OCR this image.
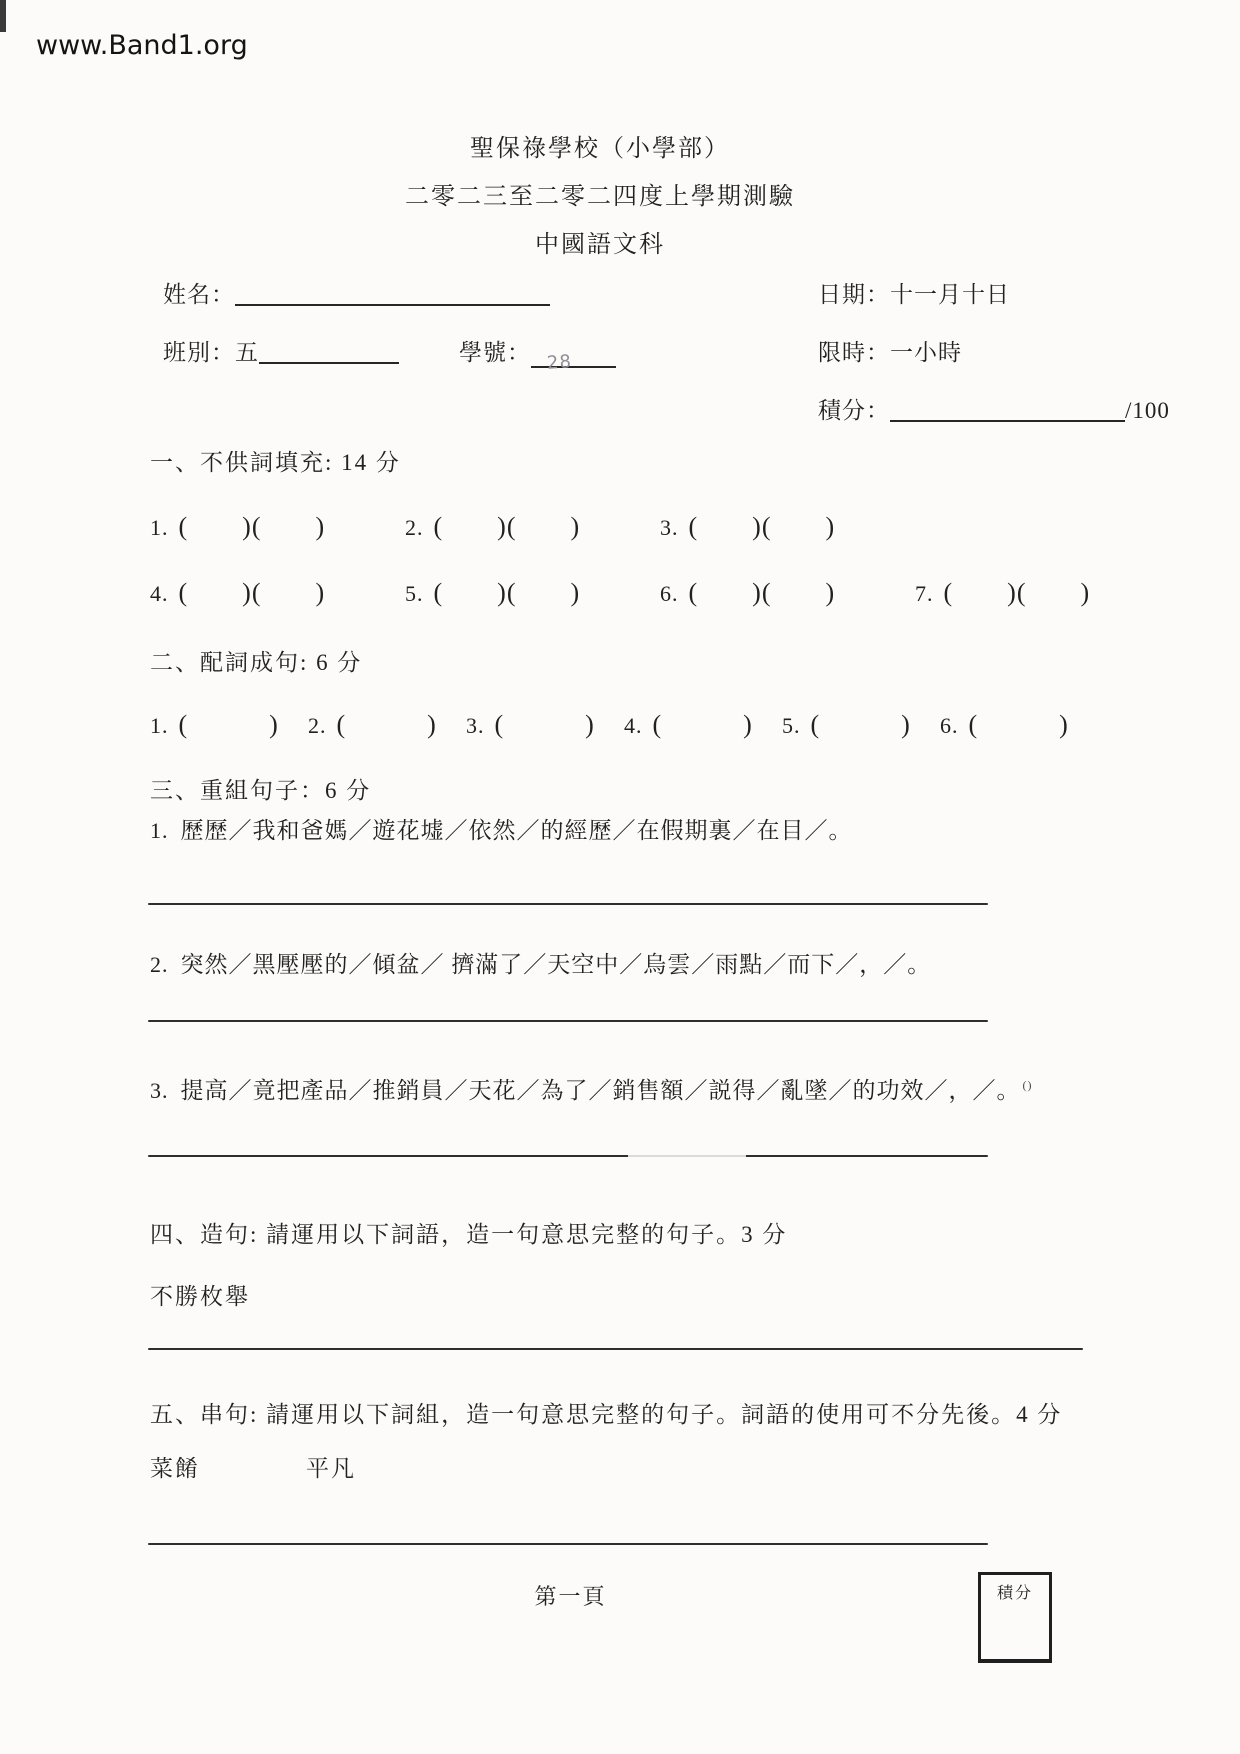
www.Band1.org
聖保祿學校（小學部）
二零二三至二零二四度上學期測驗
中國語文科
姓名：
班別：五	學號： 28
日期：十一月十日
限時：一小時
積分：	/100
一、不供詞填充: 14 分
1. (　　)(　　)	2. (　　)(　　)	3. (　　)(　　)
4. (　　)(　　)	5. (　　)(　　)	6. (　　)(　　)	7. (　　)(　　)
二、配詞成句: 6 分
1. (　　　) 2. (　　　) 3. (　　　) 4. (　　　) 5. (　　　) 6. (　　　)
三、重組句子：6 分
1. 歷歷／我和爸媽／遊花墟／依然／的經歷／在假期裏／在目／。
2. 突然／黑壓壓的／傾盆／ 擠滿了／天空中／烏雲／雨點／而下／，／。
3. 提高／竟把產品／推銷員／天花／為了／銷售額／説得／亂墜／的功效／，／。 ()
四、造句: 請運用以下詞語，造一句意思完整的句子。3 分
不勝枚舉
五、串句: 請運用以下詞組，造一句意思完整的句子。詞語的使用可不分先後。4 分
菜餚	平凡
第一頁	積分
